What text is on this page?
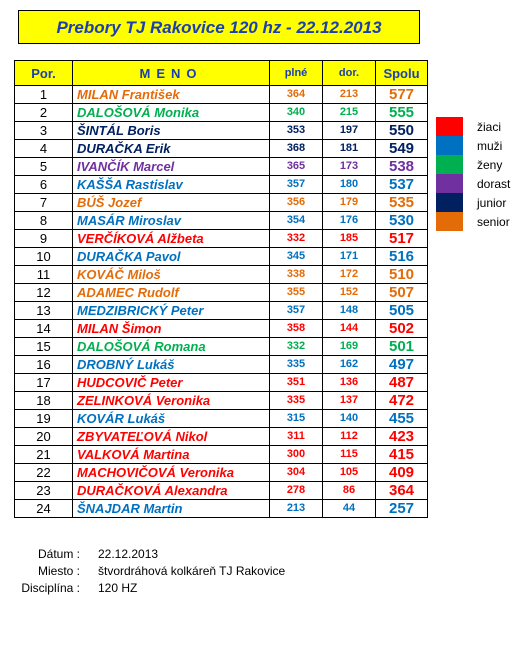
Prebory TJ Rakovice 120 hz - 22.12.2013
Por.	MENO	plné	dor.	Spolu
1	MILAN František	364	213	577
2	DALOŠOVÁ Monika	340	215	555
3	ŠINTÁL Boris	353	197	550
4	DURAČKA Erik	368	181	549
5	IVANČÍK Marcel	365	173	538
6	KAŠŠA Rastislav	357	180	537
7	BÚŠ Jozef	356	179	535
8	MASÁR Miroslav	354	176	530
9	VERČÍKOVÁ Alžbeta	332	185	517
10	DURAČKA Pavol	345	171	516
11	KOVÁČ Miloš	338	172	510
12	ADAMEC Rudolf	355	152	507
13	MEDZIBRICKÝ Peter	357	148	505
14	MILAN Šimon	358	144	502
15	DALOŠOVÁ Romana	332	169	501
16	DROBNÝ Lukáš	335	162	497
17	HUDCOVIČ Peter	351	136	487
18	ZELINKOVÁ Veronika	335	137	472
19	KOVÁR Lukáš	315	140	455
20	ZBYVATEĽOVÁ Nikol	311	112	423
21	VALKOVÁ Martina	300	115	415
22	MACHOVIČOVÁ Veronika	304	105	409
23	DURAČKOVÁ Alexandra	278	86	364
24	ŠNAJDAR Martin	213	44	257
žiaci
muži
ženy
dorast
junior
senior
Dátum : 22.12.2013
Miesto : štvordráhová kolkáreň TJ Rakovice
Disciplína : 120 HZ
